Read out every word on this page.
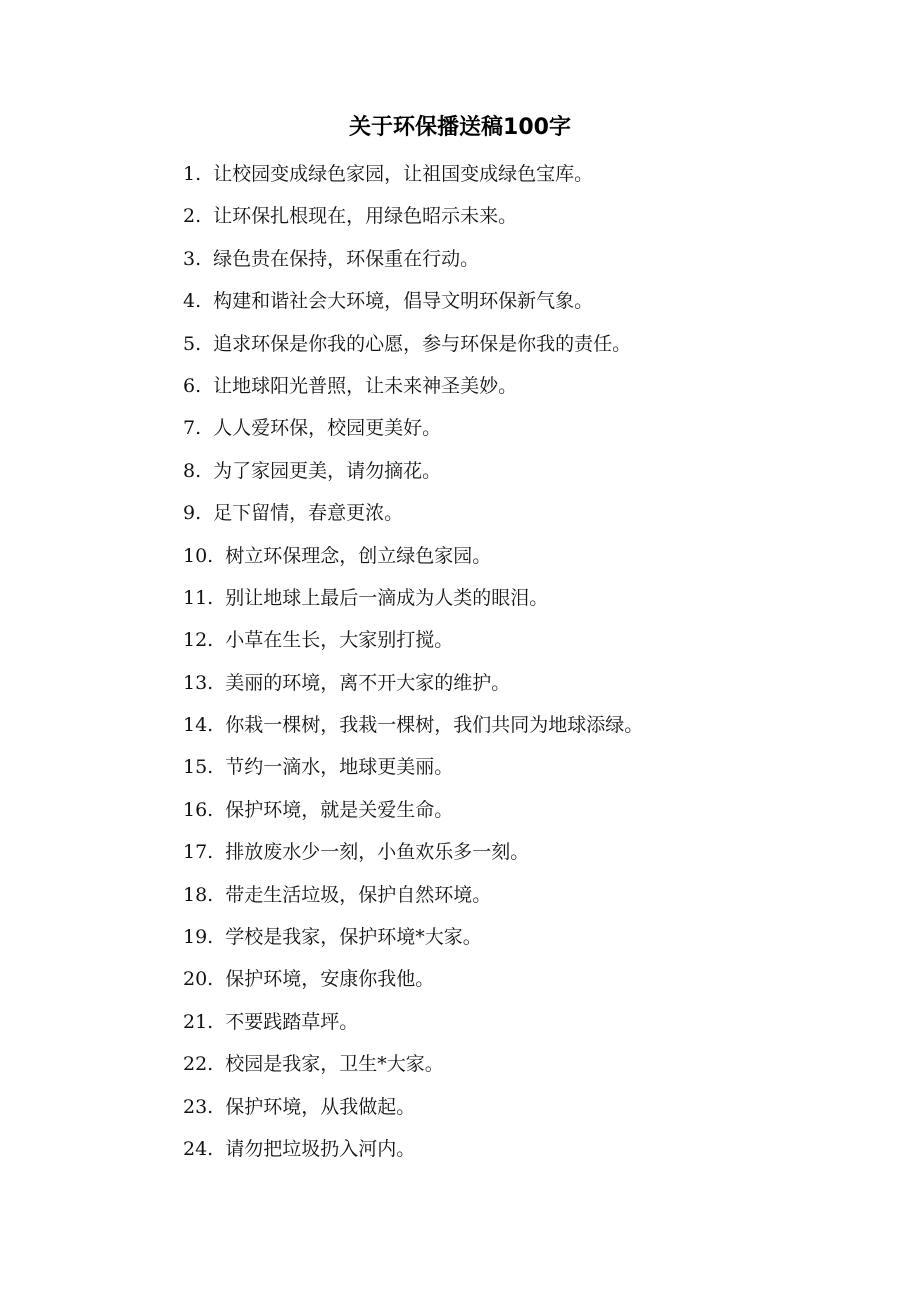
关于环保播送稿100字
1. 让校园变成绿色家园，让祖国变成绿色宝库。
2. 让环保扎根现在，用绿色昭示未来。
3. 绿色贵在保持，环保重在行动。
4. 构建和谐社会大环境，倡导文明环保新气象。
5. 追求环保是你我的心愿，参与环保是你我的责任。
6. 让地球阳光普照，让未来神圣美妙。
7. 人人爱环保，校园更美好。
8. 为了家园更美，请勿摘花。
9. 足下留情，春意更浓。
10. 树立环保理念，创立绿色家园。
11. 别让地球上最后一滴成为人类的眼泪。
12. 小草在生长，大家别打搅。
13. 美丽的环境，离不开大家的维护。
14. 你栽一棵树，我栽一棵树，我们共同为地球添绿。
15. 节约一滴水，地球更美丽。
16. 保护环境，就是关爱生命。
17. 排放废水少一刻，小鱼欢乐多一刻。
18. 带走生活垃圾，保护自然环境。
19. 学校是我家，保护环境*大家。
20. 保护环境，安康你我他。
21. 不要践踏草坪。
22. 校园是我家，卫生*大家。
23. 保护环境，从我做起。
24. 请勿把垃圾扔入河内。
